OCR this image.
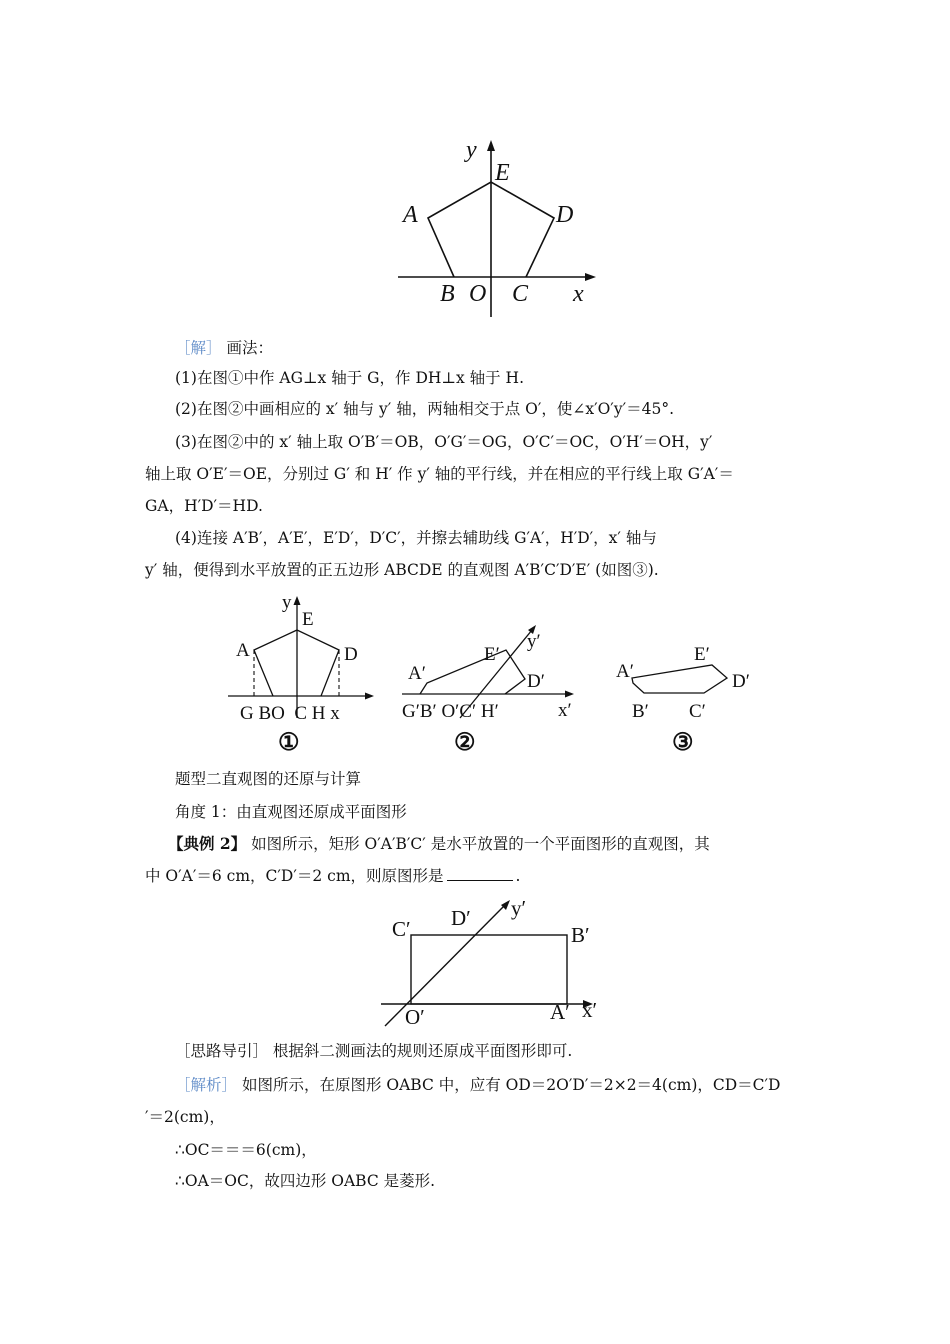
y
E
A	D
B O C x
［解］ 画法：
(1)在图①中作 AG⊥x 轴于 G，作 DH⊥x 轴于 H.
(2)在图②中画相应的 x′ 轴与 y′ 轴，两轴相交于点 O′，使∠x′O′y′＝45°.
(3)在图②中的 x′ 轴上取 O′B′＝OB，O′G′＝OG，O′C′＝OC，O′H′＝OH，y′
轴上取 O′E′＝OE，分别过 G′ 和 H′ 作 y′ 轴的平行线，并在相应的平行线上取 G′A′＝
GA，H′D′＝HD.
(4)连接 A′B′，A′E′，E′D′，D′C′，并擦去辅助线 G′A′，H′D′，x′ 轴与
y′ 轴，便得到水平放置的正五边形 ABCDE 的直观图 A′B′C′D′E′ (如图③).
y
E
A	D
G BO  C H x
①
y′
E′
A′	D′
G′B′ O′C′ H′	x′
②
A′
E′
D′
B′ C′
③
题型二直观图的还原与计算
角度 1：由直观图还原成平面图形
【典例 2】 如图所示，矩形 O′A′B′C′ 是水平放置的一个平面图形的直观图，其
中 O′A′＝6 cm，C′D′＝2 cm，则原图形是	.
C′ D′ y′
B′
O′	A′ x′
［思路导引］ 根据斜二测画法的规则还原成平面图形即可.
［解析］ 如图所示，在原图形 OABC 中，应有 OD＝2O′D′＝2×2＝4(cm)，CD＝C′D
′＝2(cm)，
∴OC＝＝＝6(cm)，
∴OA＝OC，故四边形 OABC 是菱形.
